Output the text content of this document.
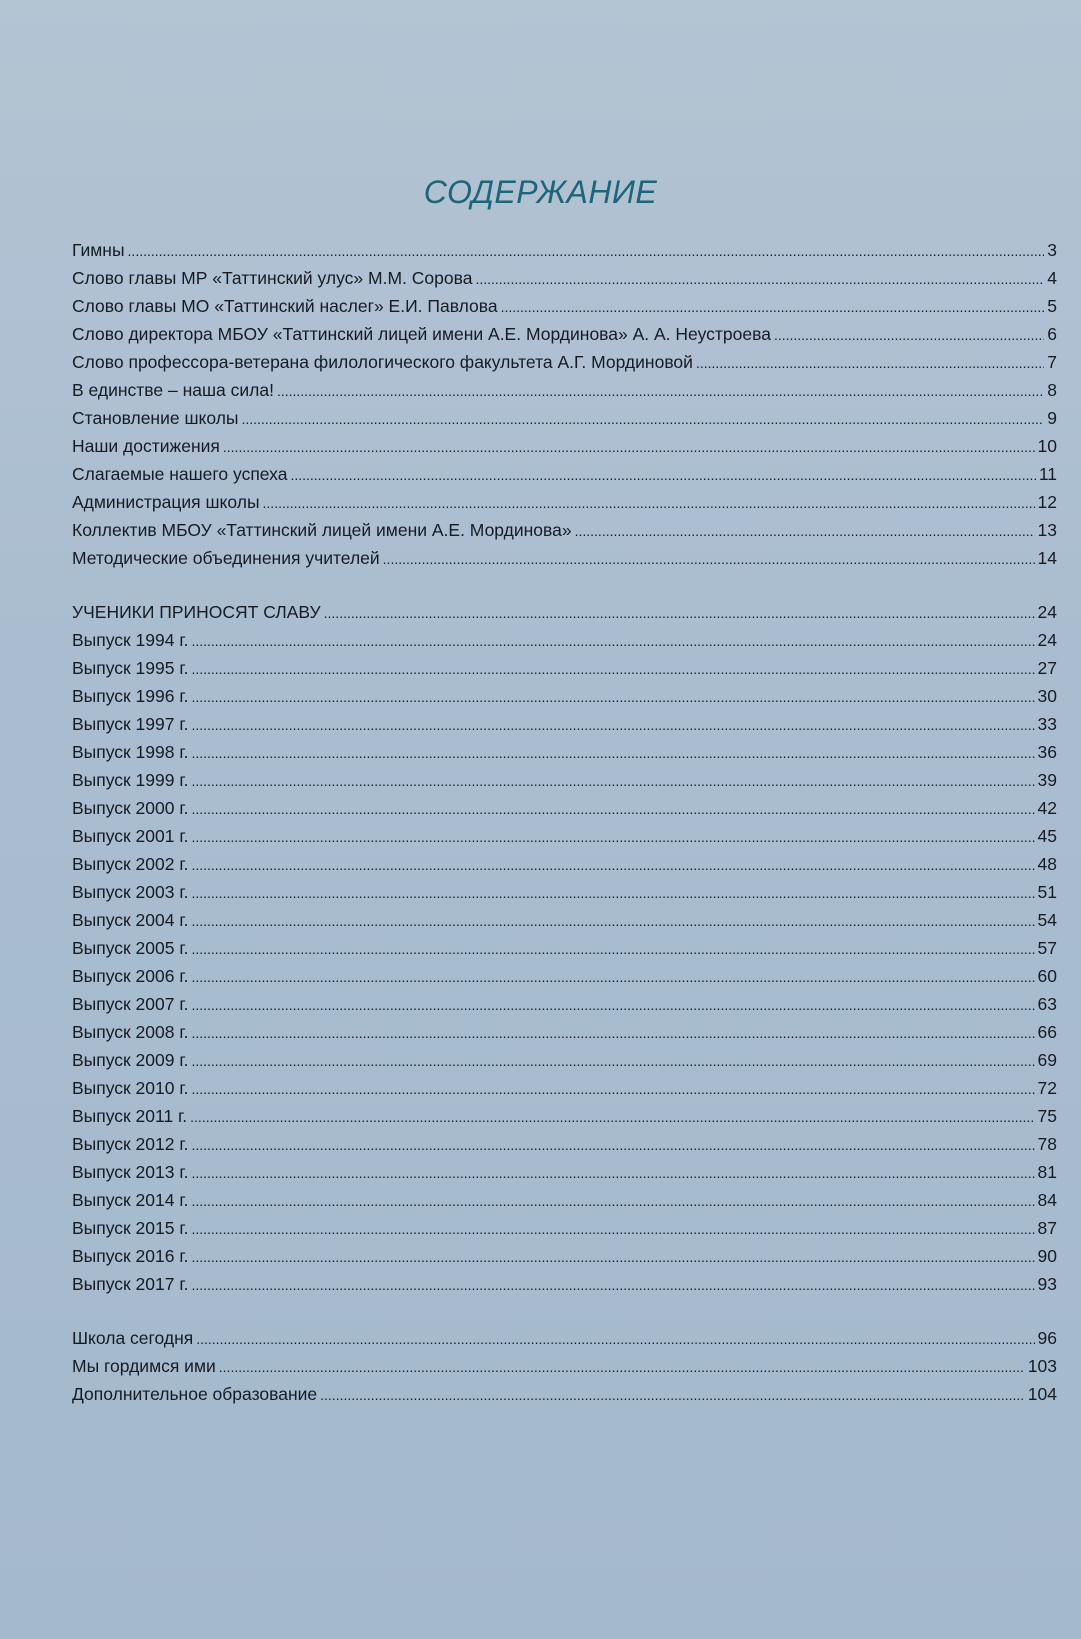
СОДЕРЖАНИЕ
Гимны .....	3
Слово главы МР «Таттинский улус» М.М. Сорова .....	4
Слово главы МО «Таттинский наслег» Е.И. Павлова .....	5
Слово директора МБОУ «Таттинский лицей имени А.Е. Мординова» А. А. Неустроева .....	6
Слово профессора-ветерана филологического факультета А.Г. Мординовой .....	7
В единстве – наша сила! .....	8
Становление школы .....	9
Наши достижения .....	10
Слагаемые нашего успеха .....	11
Администрация школы .....	12
Коллектив МБОУ «Таттинский лицей имени А.Е. Мординова» .....	13
Методические объединения учителей .....	14
УЧЕНИКИ ПРИНОСЯТ СЛАВУ .....	24
Выпуск 1994 г. .....	24
Выпуск 1995 г. .....	27
Выпуск 1996 г. .....	30
Выпуск 1997 г. .....	33
Выпуск 1998 г. .....	36
Выпуск 1999 г. .....	39
Выпуск 2000 г. .....	42
Выпуск 2001 г. .....	45
Выпуск 2002 г. .....	48
Выпуск 2003 г. .....	51
Выпуск 2004 г. .....	54
Выпуск 2005 г. .....	57
Выпуск 2006 г. .....	60
Выпуск 2007 г. .....	63
Выпуск 2008 г. .....	66
Выпуск 2009 г. .....	69
Выпуск 2010 г. .....	72
Выпуск 2011 г. .....	75
Выпуск 2012 г. .....	78
Выпуск 2013 г. .....	81
Выпуск 2014 г. .....	84
Выпуск 2015 г. .....	87
Выпуск 2016 г. .....	90
Выпуск 2017 г. .....	93
Школа сегодня .....	96
Мы гордимся ими .....	103
Дополнительное образование .....	104
